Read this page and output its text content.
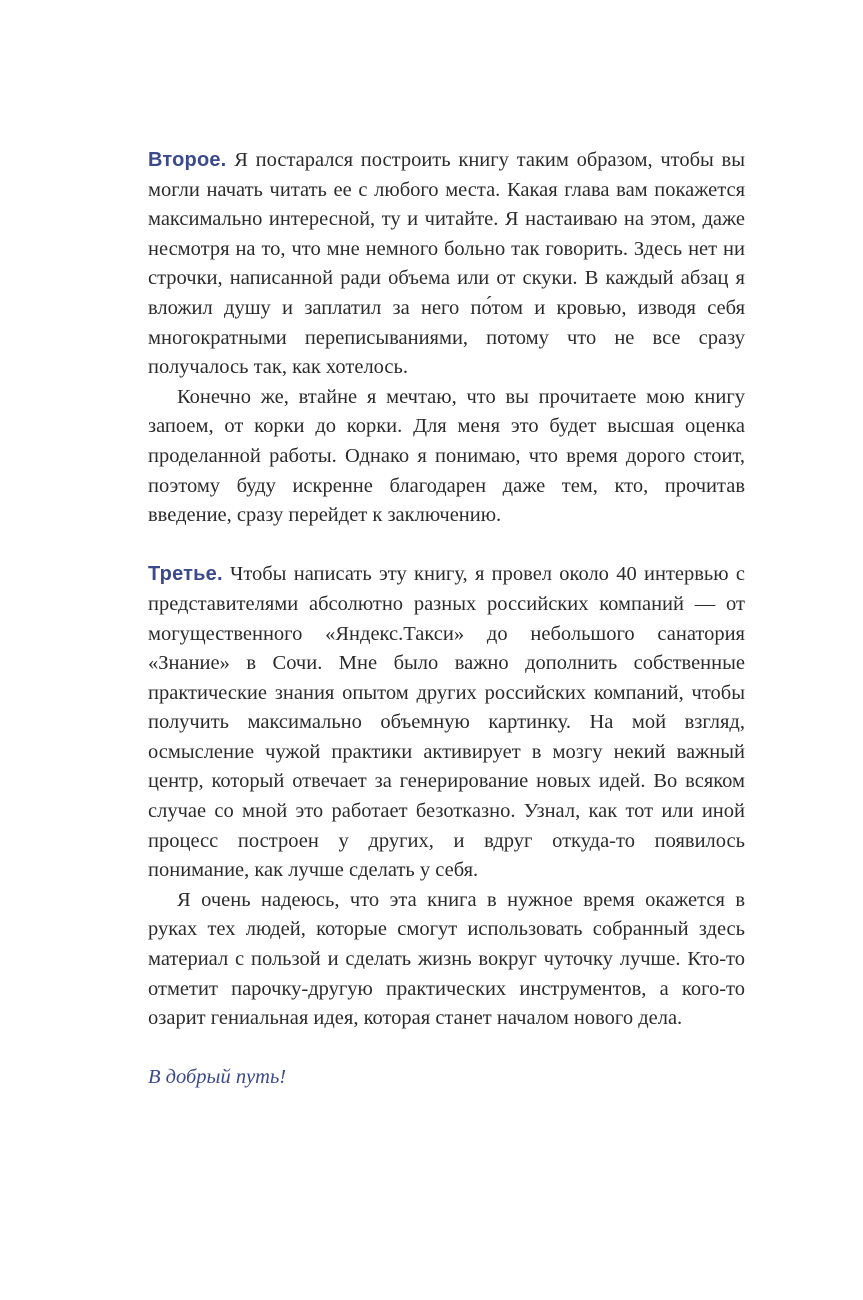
Второе. Я постарался построить книгу таким образом, чтобы вы могли начать читать ее с любого места. Какая глава вам покажется максимально интересной, ту и читайте. Я настаиваю на этом, даже несмотря на то, что мне немного больно так говорить. Здесь нет ни строчки, написанной ради объема или от скуки. В каждый абзац я вложил душу и заплатил за него по́том и кровью, изводя себя многократными переписываниями, потому что не все сразу получалось так, как хотелось.

Конечно же, втайне я мечтаю, что вы прочитаете мою книгу запоем, от корки до корки. Для меня это будет высшая оценка проделанной работы. Однако я понимаю, что время дорого стоит, поэтому буду искренне благодарен даже тем, кто, прочитав введение, сразу перейдет к заключению.

Третье. Чтобы написать эту книгу, я провел около 40 интервью с представителями абсолютно разных российских компаний — от могущественного «Яндекс.Такси» до небольшого санатория «Знание» в Сочи. Мне было важно дополнить собственные практические знания опытом других российских компаний, чтобы получить максимально объемную картинку. На мой взгляд, осмысление чужой практики активирует в мозгу некий важный центр, который отвечает за генерирование новых идей. Во всяком случае со мной это работает безотказно. Узнал, как тот или иной процесс построен у других, и вдруг откуда-то появилось понимание, как лучше сделать у себя.

Я очень надеюсь, что эта книга в нужное время окажется в руках тех людей, которые смогут использовать собранный здесь материал с пользой и сделать жизнь вокруг чуточку лучше. Кто-то отметит парочку-другую практических инструментов, а кого-то озарит гениальная идея, которая станет началом нового дела.

В добрый путь!
